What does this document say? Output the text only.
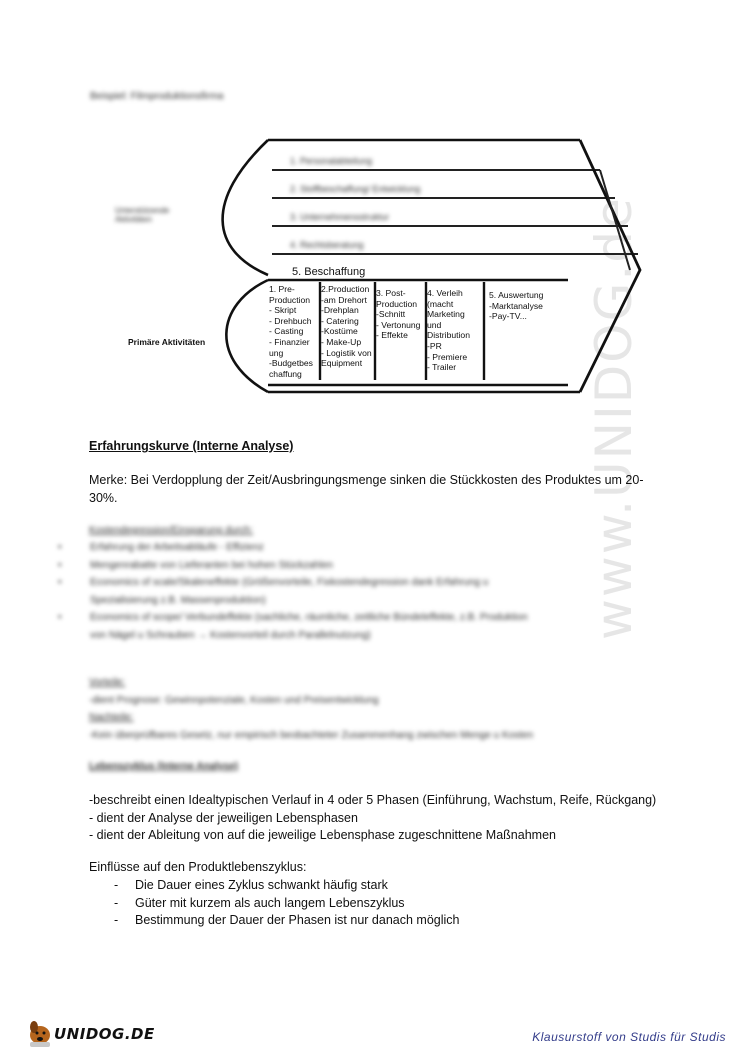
www.UNIDOG.de
Beispiel: Filmproduktionsfirma
Unterstützende Aktivitäten
Primäre Aktivitäten
1. Personalabteilung
2. Stoffbeschaffung/ Entwicklung
3. Unternehmensstruktur
4. Rechtsberatung
5. Beschaffung
1. Pre-
Production
- Skript
- Drehbuch
- Casting
- Finanzier
ung
-Budgetbes
chaffung
2.Production
-am Drehort
-Drehplan
- Catering
-Kostüme
- Make-Up
- Logistik von
Equipment
3. Post-
Production
-Schnitt
- Vertonung
- Effekte
4. Verleih
(macht
Marketing
und
Distribution
-PR
- Premiere
- Trailer
5. Auswertung
-Marktanalyse
-Pay-TV...
Erfahrungskurve (Interne Analyse)
Merke: Bei Verdopplung der Zeit/Ausbringungsmenge sinken die Stückkosten des Produktes um 20-30%.
Kostendegression/Einsparung durch:
• Erfahrung der Arbeitsabläufe - Effizienz
• Mengenrabatte von Lieferanten bei hohen Stückzahlen
• Economics of scale/Skaleneffekte (Größenvorteile, Fixkostendegression dank Erfahrung u
Spezialisierung z.B. Massenproduktion)
• Economics of scope/ Verbundeffekte (sachliche, räumliche, zeitliche Bündeleffekte, z.B. Produktion
von Nägel u Schrauben → Kostenvorteil durch Parallelnutzung)
Vorteile:
-dient Prognose: Gewinnpotenziale, Kosten und Preisentwicklung
Nachteile:
-Kein überprüfbares Gesetz, nur empirisch beobachteter Zusammenhang zwischen Menge u Kosten
Lebenszyklus (Interne Analyse)
-beschreibt einen Idealtypischen Verlauf in 4 oder 5 Phasen (Einführung, Wachstum, Reife, Rückgang)
- dient der Analyse der jeweiligen Lebensphasen
- dient der Ableitung von auf die jeweilige Lebensphase zugeschnittene Maßnahmen
Einflüsse auf den Produktlebenszyklus:
-	Die Dauer eines Zyklus schwankt häufig stark
-	Güter mit kurzem als auch langem Lebenszyklus
-	Bestimmung der Dauer der Phasen ist nur danach möglich
UNIDOG.DE	Klausurstoff von Studis für Studis
